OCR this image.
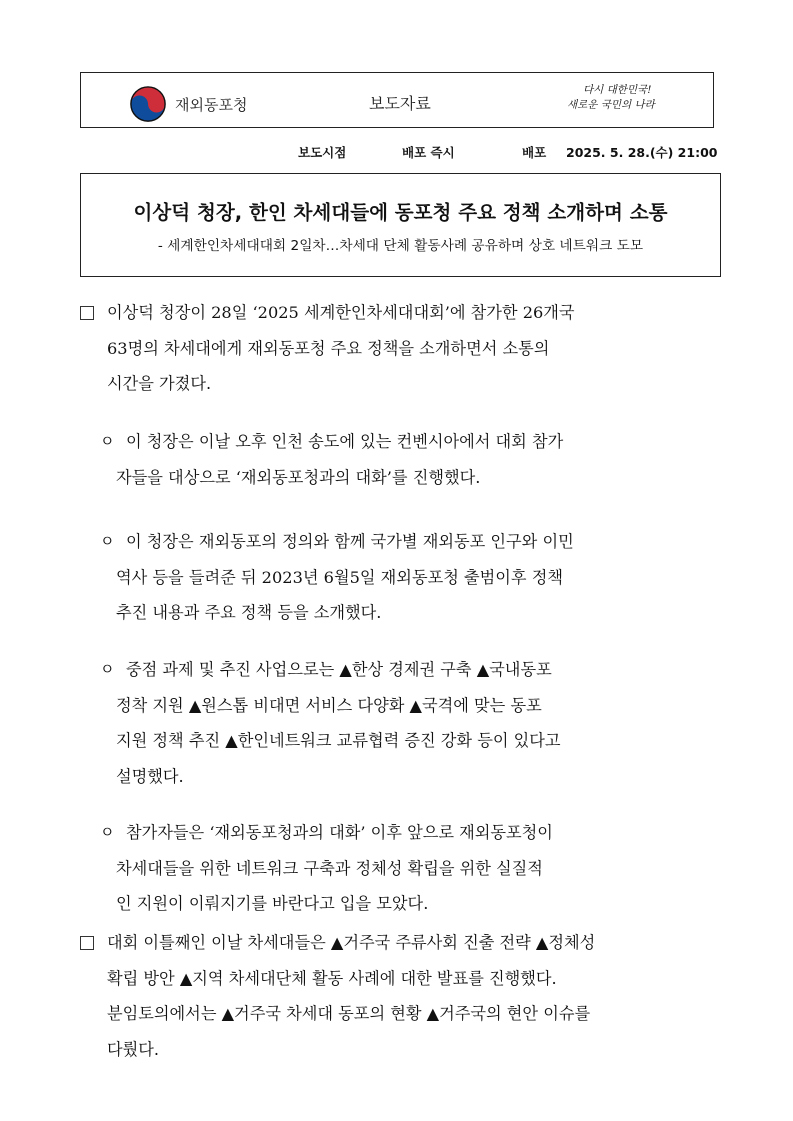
재외동포청	보도자료
다시 대한민국!
새로운 국민의 나라
보도시점	배포 즉시	배포 2025. 5. 28.(수) 21:00
이상덕 청장, 한인 차세대들에 동포청 주요 정책 소개하며 소통
- 세계한인차세대대회 2일차…차세대 단체 활동사례 공유하며 상호 네트워크 도모
이상덕 청장이 28일 ‘2025 세계한인차세대대회’에 참가한 26개국
63명의 차세대에게 재외동포청 주요 정책을 소개하면서 소통의
시간을 가졌다.
ㅇ 이 청장은 이날 오후 인천 송도에 있는 컨벤시아에서 대회 참가
자들을 대상으로 ‘재외동포청과의 대화’를 진행했다.
ㅇ 이 청장은 재외동포의 정의와 함께 국가별 재외동포 인구와 이민
역사 등을 들려준 뒤 2023년 6월5일 재외동포청 출범이후 정책
추진 내용과 주요 정책 등을 소개했다.
ㅇ 중점 과제 및 추진 사업으로는 ▲한상 경제권 구축 ▲국내동포
정착 지원 ▲원스톱 비대면 서비스 다양화 ▲국격에 맞는 동포
지원 정책 추진 ▲한인네트워크 교류협력 증진 강화 등이 있다고
설명했다.
ㅇ 참가자들은 ‘재외동포청과의 대화’ 이후 앞으로 재외동포청이
차세대들을 위한 네트워크 구축과 정체성 확립을 위한 실질적
인 지원이 이뤄지기를 바란다고 입을 모았다.
대회 이틀째인 이날 차세대들은 ▲거주국 주류사회 진출 전략 ▲정체성
확립 방안 ▲지역 차세대단체 활동 사례에 대한 발표를 진행했다.
분임토의에서는 ▲거주국 차세대 동포의 현황 ▲거주국의 현안 이슈를
다뤘다.
